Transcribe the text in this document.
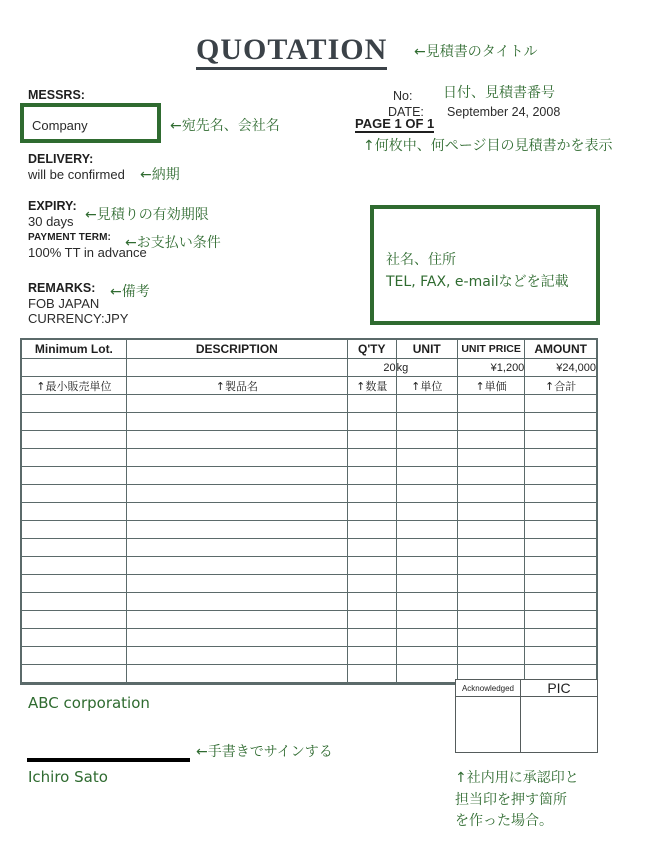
QUOTATION ←見積書のタイトル
MESSRS:
Company	←宛先名、会社名
DELIVERY:
will be confirmed ←納期
EXPIRY:
30 days ←見積りの有効期限
PAYMENT TERM:
100% TT in advance
←お支払い条件
REMARKS: ←備考
FOB JAPAN
CURRENCY:JPY
No: 日付、見積書番号
DATE: September 24, 2008
PAGE 1 OF 1
↑何枚中、何ページ目の見積書かを表示
社名、住所
TEL, FAX, e-mailなどを記載
Minimum Lot.	DESCRIPTION	Q'TY	UNIT	UNIT PRICE	AMOUNT
		20	kg	¥1,200	¥24,000
↑最小販売単位	↑製品名	↑数量	↑単位	↑単価	↑合計

ABC corporation
←手書きでサインする
Ichiro Sato
Acknowledged	PIC

↑社内用に承認印と
担当印を押す箇所
を作った場合。
